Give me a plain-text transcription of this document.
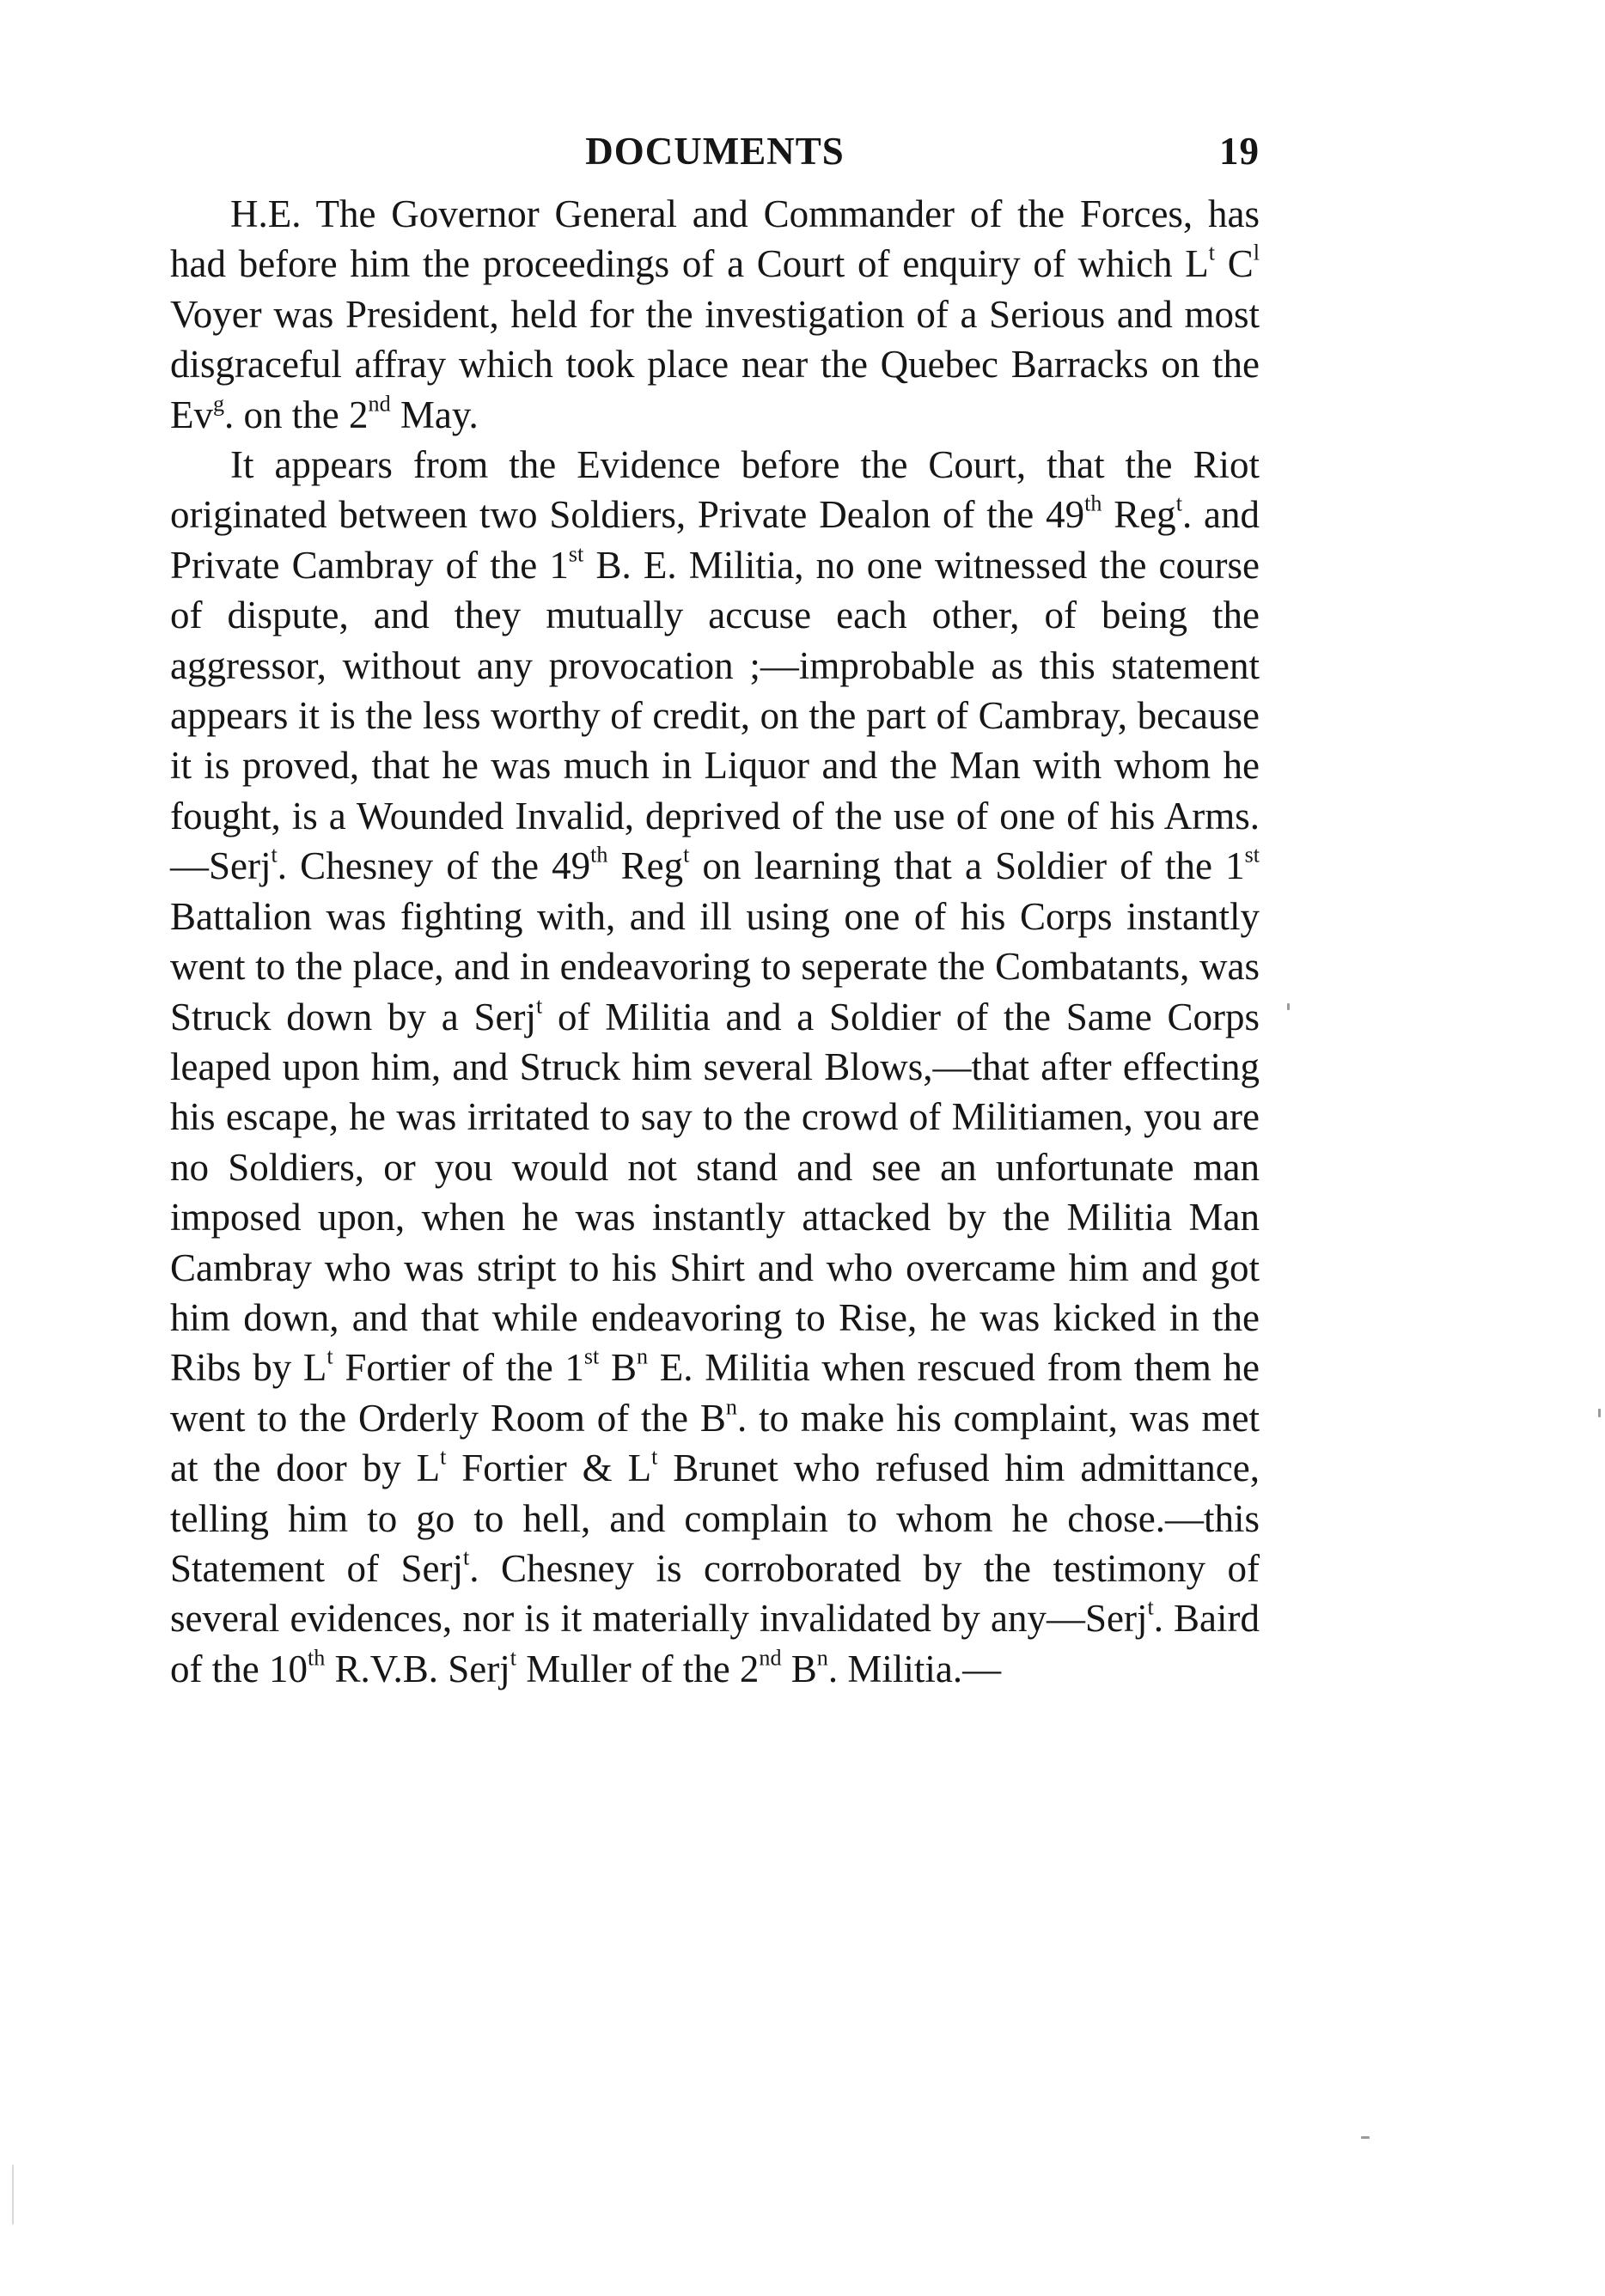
DOCUMENTS	19

H.E. The Governor General and Commander of the Forces, has had before him the proceedings of a Court of enquiry of which $L^t$ $C^l$ Voyer was President, held for the investigation of a Serious and most disgraceful affray which took place near the Quebec Barracks on the Ev$^g$. on the 2nd May.

It appears from the Evidence before the Court, that the Riot originated between two Soldiers, Private Dealon of the 49th Reg$^t$. and Private Cambray of the 1st B. E. Militia, no one witnessed the course of dispute, and they mutually accuse each other, of being the aggressor, without any provocation ;—improbable as this statement appears it is the less worthy of credit, on the part of Cambray, because it is proved, that he was much in Liquor and the Man with whom he fought, is a Wounded Invalid, deprived of the use of one of his Arms.—Serj$^t$. Chesney of the 49th Reg$^t$ on learning that a Soldier of the 1st Battalion was fighting with, and ill using one of his Corps instantly went to the place, and in endeavoring to seperate the Combatants, was Struck down by a Serj$^t$ of Militia and a Soldier of the Same Corps leaped upon him, and Struck him several Blows,—that after effecting his escape, he was irritated to say to the crowd of Militiamen, you are no Soldiers, or you would not stand and see an unfortunate man imposed upon, when he was instantly attacked by the Militia Man Cambray who was stript to his Shirt and who overcame him and got him down, and that while endeavoring to Rise, he was kicked in the Ribs by $L^t$ Fortier of the 1st $B^n$ E. Militia when rescued from them he went to the Orderly Room of the $B^n$. to make his complaint, was met at the door by $L^t$ Fortier & $L^t$ Brunet who refused him admittance, telling him to go to hell, and complain to whom he chose.—this Statement of Serj$^t$. Chesney is corroborated by the testimony of several evidences, nor is it materially invalidated by any—Serj$^t$. Baird of the 10th R.V.B. Serj$^t$ Muller of the 2nd $B^n$. Militia.—
